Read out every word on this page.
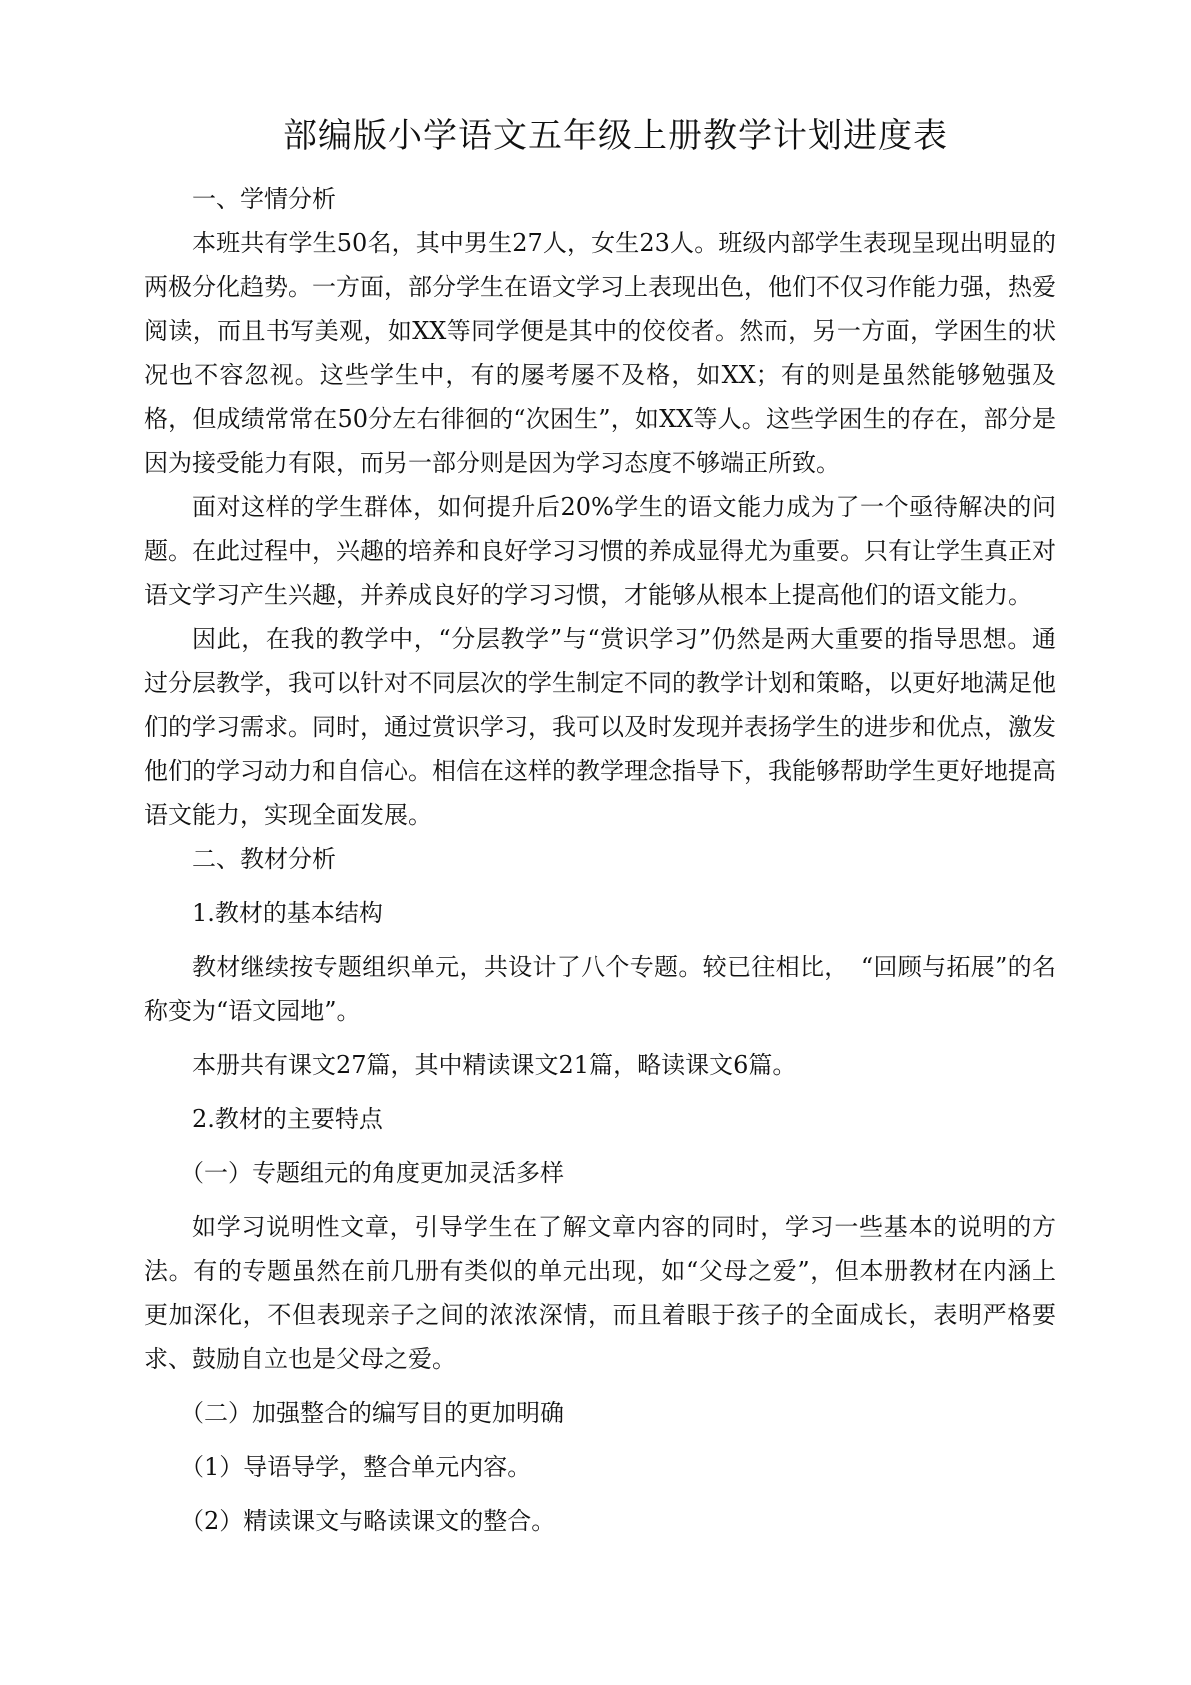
部编版小学语文五年级上册教学计划进度表

一、学情分析

本班共有学生50名，其中男生27人，女生23人。班级内部学生表现呈现出明显的两极分化趋势。一方面，部分学生在语文学习上表现出色，他们不仅习作能力强，热爱阅读，而且书写美观，如XX等同学便是其中的佼佼者。然而，另一方面，学困生的状况也不容忽视。这些学生中，有的屡考屡不及格，如XX；有的则是虽然能够勉强及格，但成绩常常在50分左右徘徊的“次困生”，如XX等人。这些学困生的存在，部分是因为接受能力有限，而另一部分则是因为学习态度不够端正所致。

面对这样的学生群体，如何提升后20%学生的语文能力成为了一个亟待解决的问题。在此过程中，兴趣的培养和良好学习习惯的养成显得尤为重要。只有让学生真正对语文学习产生兴趣，并养成良好的学习习惯，才能够从根本上提高他们的语文能力。

因此，在我的教学中，“分层教学”与“赏识学习”仍然是两大重要的指导思想。通过分层教学，我可以针对不同层次的学生制定不同的教学计划和策略，以更好地满足他们的学习需求。同时，通过赏识学习，我可以及时发现并表扬学生的进步和优点，激发他们的学习动力和自信心。相信在这样的教学理念指导下，我能够帮助学生更好地提高语文能力，实现全面发展。

二、教材分析

1.教材的基本结构

教材继续按专题组织单元，共设计了八个专题。较已往相比，　“回顾与拓展”的名称变为“语文园地”。

本册共有课文27篇，其中精读课文21篇，略读课文6篇。

2.教材的主要特点

（一）专题组元的角度更加灵活多样

如学习说明性文章，引导学生在了解文章内容的同时，学习一些基本的说明的方法。有的专题虽然在前几册有类似的单元出现，如“父母之爱”，但本册教材在内涵上更加深化，不但表现亲子之间的浓浓深情，而且着眼于孩子的全面成长，表明严格要求、鼓励自立也是父母之爱。

（二）加强整合的编写目的更加明确

（1）导语导学，整合单元内容。

（2）精读课文与略读课文的整合。
